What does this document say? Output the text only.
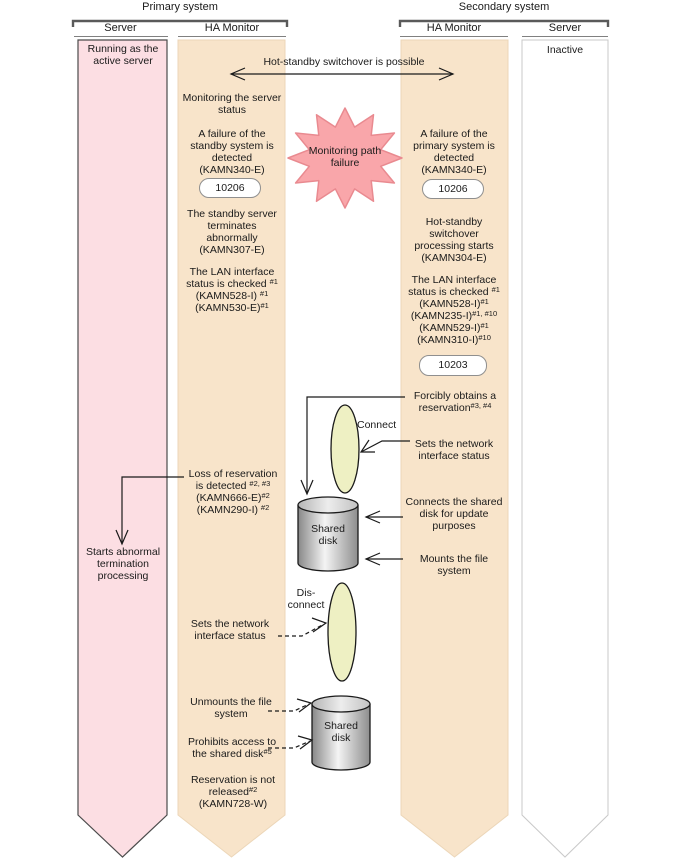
Primary system	Secondary system
Server	HA Monitor	HA Monitor	Server
Running as the
active server
Starts abnormal
termination
processing
Inactive
Hot-standby switchover is possible
Monitoring path
failure
Monitoring the server
status
A failure of the
standby system is
detected
(KAMN340-E)
10206
The standby server
terminates
abnormally
(KAMN307-E)
The LAN interface
status is checked $^{\#1}$
(KAMN528-I) $^{\#1}$
(KAMN530-E)$^{\#1}$
Loss of reservation
is detected $^{\#2, \#3}$
(KAMN666-E)$^{\#2}$
(KAMN290-I) $^{\#2}$
Sets the network
interface status
Unmounts the file
system
Prohibits access to
the shared disk$^{\#5}$
Reservation is not
released$^{\#2}$
(KAMN728-W)
A failure of the
primary system is
detected
(KAMN340-E)
10206
Hot-standby
switchover
processing starts
(KAMN304-E)
The LAN interface
status is checked $^{\#1}$
(KAMN528-I)$^{\#1}$
(KAMN235-I)$^{\#1, \#10}$
(KAMN529-I)$^{\#1}$
(KAMN310-I)$^{\#10}$
10203
Forcibly obtains a
reservation$^{\#3, \#4}$
Sets the network
interface status
Connects the shared
disk for update
purposes
Mounts the file
system
Connect
Dis-
connect
Shared
disk
Shared
disk
